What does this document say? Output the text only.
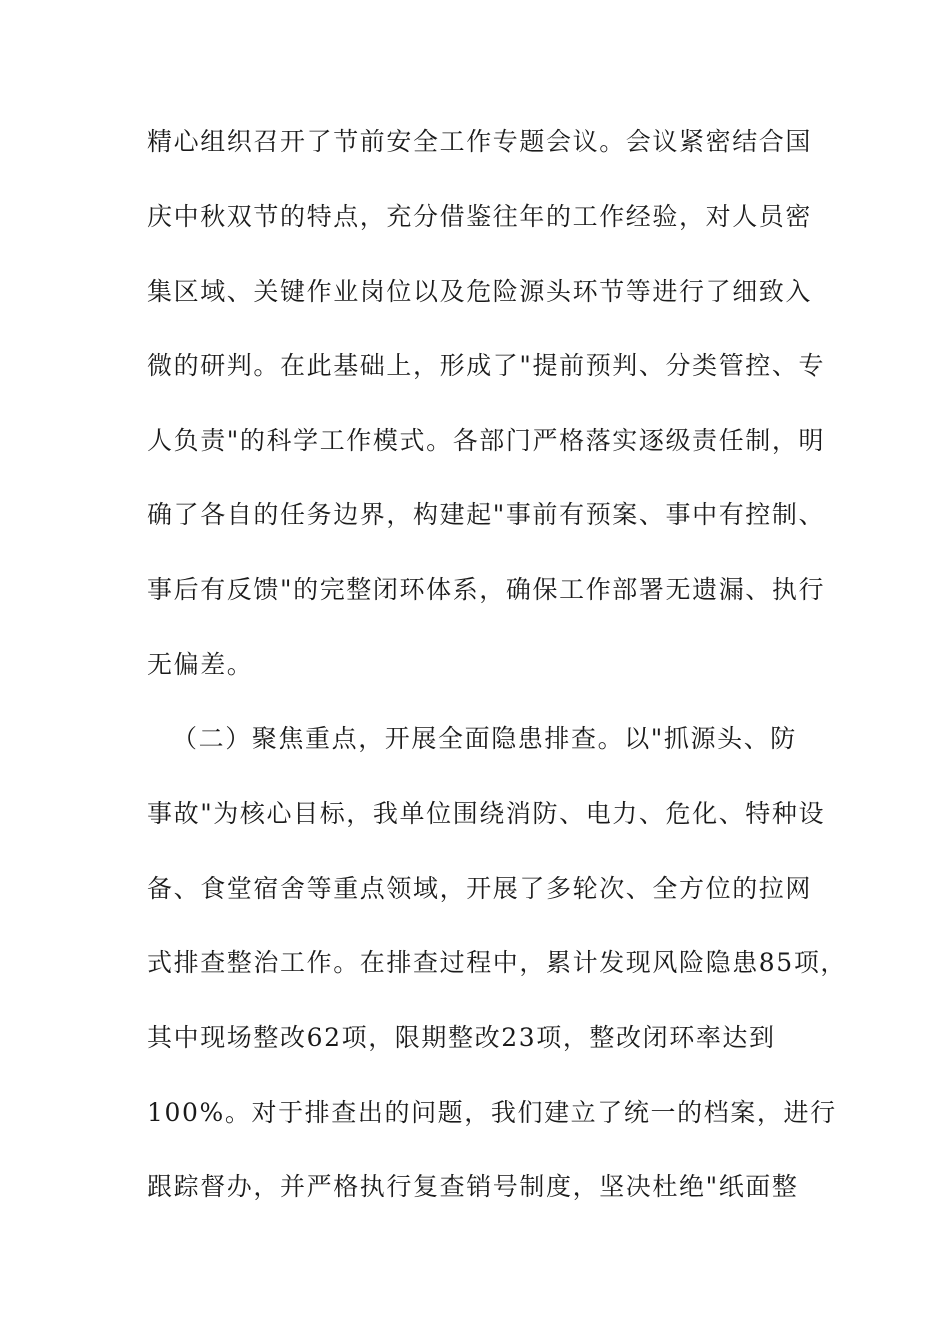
精心组织召开了节前安全工作专题会议。会议紧密结合国
庆中秋双节的特点，充分借鉴往年的工作经验，对人员密
集区域、关键作业岗位以及危险源头环节等进行了细致入
微的研判。在此基础上，形成了"提前预判、分类管控、专
人负责"的科学工作模式。各部门严格落实逐级责任制，明
确了各自的任务边界，构建起"事前有预案、事中有控制、
事后有反馈"的完整闭环体系，确保工作部署无遗漏、执行
无偏差。
（二）聚焦重点，开展全面隐患排查。以"抓源头、防
事故"为核心目标，我单位围绕消防、电力、危化、特种设
备、食堂宿舍等重点领域，开展了多轮次、全方位的拉网
式排查整治工作。在排查过程中，累计发现风险隐患85项，
其中现场整改62项，限期整改23项，整改闭环率达到
100%。对于排查出的问题，我们建立了统一的档案，进行
跟踪督办，并严格执行复查销号制度，坚决杜绝"纸面整
